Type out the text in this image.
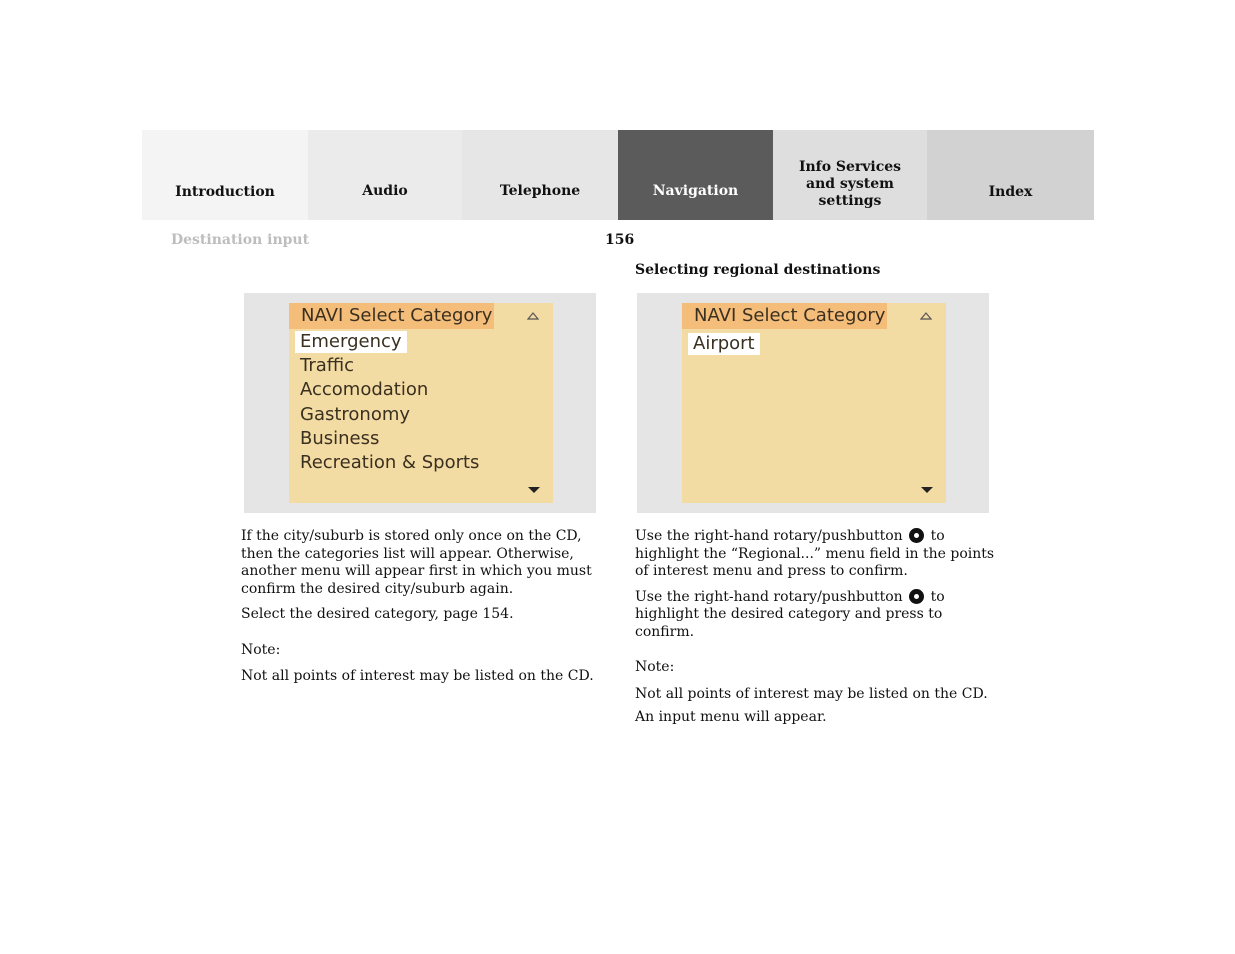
Introduction	Audio	Telephone	Navigation
Info Services and system settings
Index
Destination input	156
Selecting regional destinations
NAVI Select Category
Emergency
Traffic
Accomodation
Gastronomy
Business
Recreation & Sports
NAVI Select Category
Airport

If the city/suburb is stored only once on the CD, then the categories list will appear. Otherwise, another menu will appear first in which you must confirm the desired city/suburb again.

Select the desired category, page 154.

Note:

Not all points of interest may be listed on the CD.

Use the right-hand rotary/pushbutton to highlight the “Regional...” menu field in the points of interest menu and press to confirm.

Use the right-hand rotary/pushbutton to highlight the desired category and press to confirm.

Note:

Not all points of interest may be listed on the CD.

An input menu will appear.
